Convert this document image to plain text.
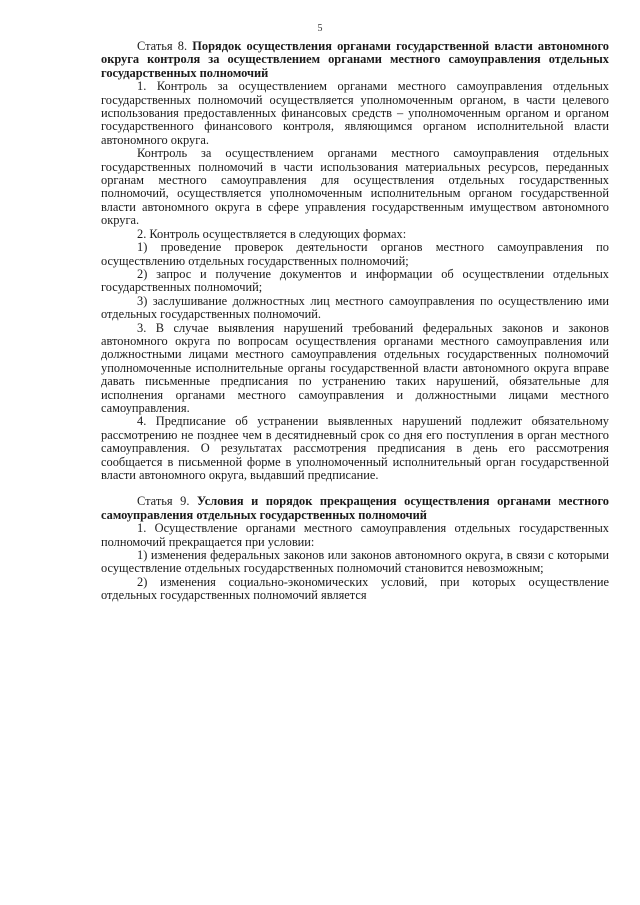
5

Статья 8. Порядок осуществления органами государственной власти автономного округа контроля за осуществлением органами местного самоуправления отдельных государственных полномочий

1. Контроль за осуществлением органами местного самоуправления отдельных государственных полномочий осуществляется уполномоченным органом, в части целевого использования предоставленных финансовых средств – уполномоченным органом и органом государственного финансового контроля, являющимся органом исполнительной власти автономного округа.

Контроль за осуществлением органами местного самоуправления отдельных государственных полномочий в части использования материальных ресурсов, переданных органам местного самоуправления для осуществления отдельных государственных полномочий, осуществляется уполномоченным исполнительным органом государственной власти автономного округа в сфере управления государственным имуществом автономного округа.

2. Контроль осуществляется в следующих формах:

1) проведение проверок деятельности органов местного самоуправления по осуществлению отдельных государственных полномочий;

2) запрос и получение документов и информации об осуществлении отдельных государственных полномочий;

3) заслушивание должностных лиц местного самоуправления по осуществлению ими отдельных государственных полномочий.

3. В случае выявления нарушений требований федеральных законов и законов автономного округа по вопросам осуществления органами местного самоуправления или должностными лицами местного самоуправления отдельных государственных полномочий уполномоченные исполнительные органы государственной власти автономного округа вправе давать письменные предписания по устранению таких нарушений, обязательные для исполнения органами местного самоуправления и должностными лицами местного самоуправления.

4. Предписание об устранении выявленных нарушений подлежит обязательному рассмотрению не позднее чем в десятидневный срок со дня его поступления в орган местного самоуправления. О результатах рассмотрения предписания в день его рассмотрения сообщается в письменной форме в уполномоченный исполнительный орган государственной власти автономного округа, выдавший предписание.

Статья 9. Условия и порядок прекращения осуществления органами местного самоуправления отдельных государственных полномочий

1. Осуществление органами местного самоуправления отдельных государственных полномочий прекращается при условии:

1) изменения федеральных законов или законов автономного округа, в связи с которыми осуществление отдельных государственных полномочий становится невозможным;

2) изменения социально-экономических условий, при которых осуществление отдельных государственных полномочий является
